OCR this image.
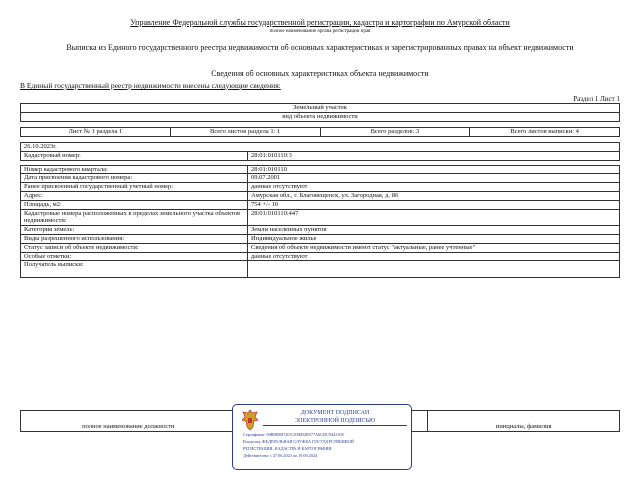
Управление Федеральной службы государственной регистрации, кадастра и картографии по Амурской области
полное наименование органа регистрации прав
Выписка из Единого государственного реестра недвижимости об основных характеристиках и зарегистрированных правах на объект недвижимости
Сведения об основных характеристиках объекта недвижимости
В Единый государственный реестр недвижимости внесены следующие сведения:
Раздел 1 Лист 1
Земельный участок
вид объекта недвижимости
Лист № 1 раздела 1	Всего листов раздела 1: 1	Всего разделов: 3	Всего листов выписки: 4
26.10.2023г.	
Кадастровый номер:	28:01:010110:3

Номер кадастрового квартала:	28:01:010110
Дата присвоения кадастрового номера:	09.07.2001
Ранее присвоенный государственный учетный номер:	данные отсутствуют
Адрес:	Амурская обл., г. Благовещенск, ул. Загородная, д. 86
Площадь, м2:	754 +/- 10
Кадастровые номера расположенных в пределах земельного участка объектов недвижимости:	28:01:010110:447
Категория земель:	Земли населенных пунктов
Виды разрешенного использования:	Индивидуальное жилье
Статус записи об объекте недвижимости:	Сведения об объекте недвижимости имеют статус "актуальные, ранее учтенные"
Особые отметки:	данные отсутствуют
Получатель выписки:	
полное наименование должности		инициалы, фамилия
ДОКУМЕНТ ПОДПИСАН
ЭЛЕКТРОННОЙ ПОДПИСЬЮ
Сертификат: 00B8E0B7401CE86D2B577A6CDC9423108
Владелец: ФЕДЕРАЛЬНАЯ СЛУЖБА ГОСУДАРСТВЕННОЙ
РЕГИСТРАЦИИ, КАДАСТРА И КАРТОГРАФИИ
Действителен: с 27.06.2023 по 19.09.2024
